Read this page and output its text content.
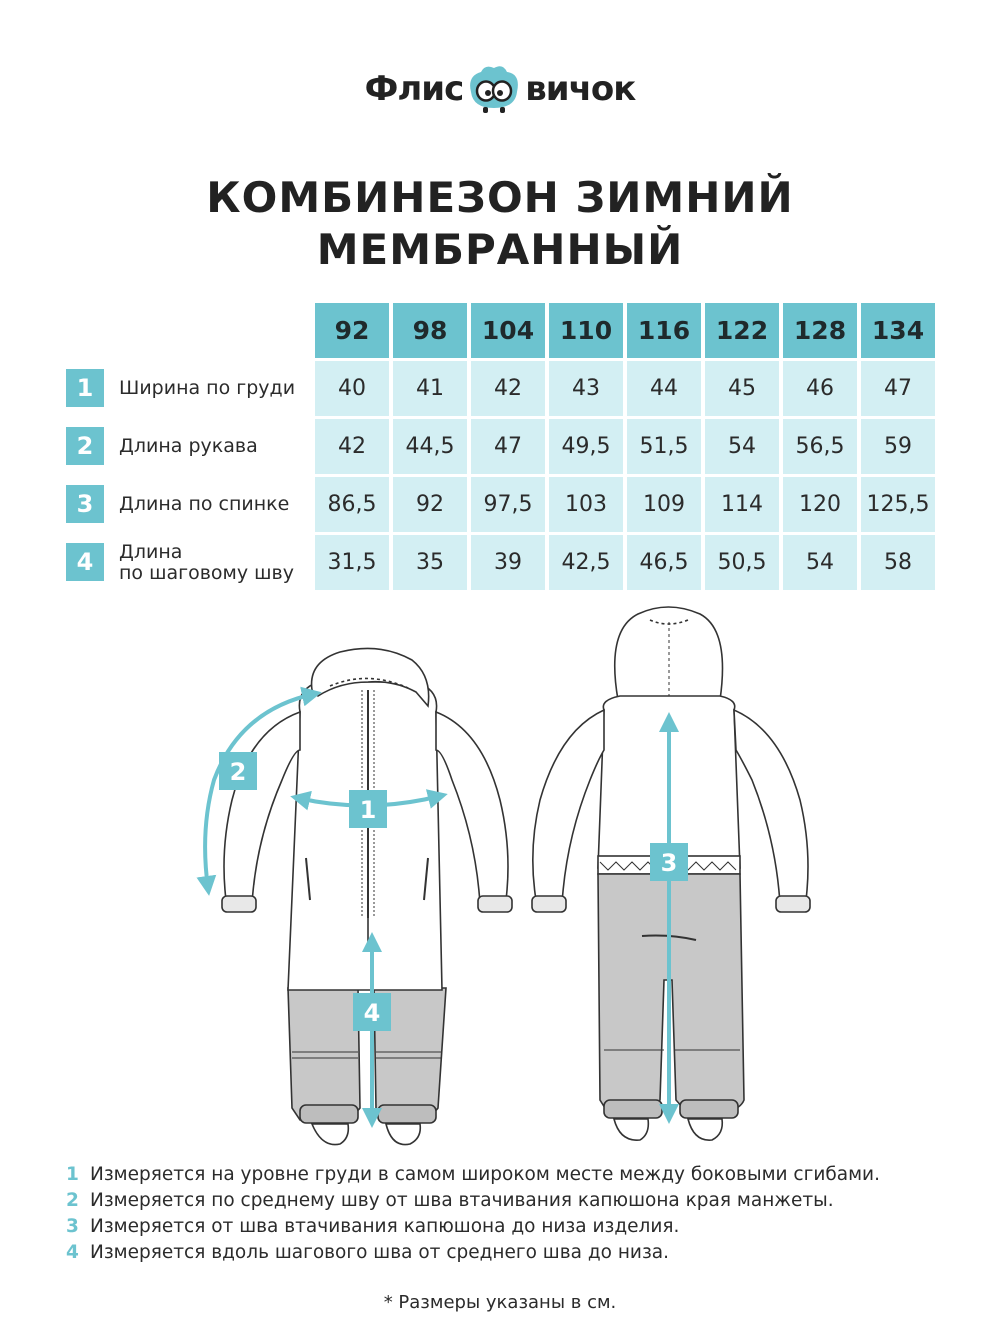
Флис вичок
КОМБИНЕЗОН ЗИМНИЙ
МЕМБРАННЫЙ
92	98	104	110	116	122	128	134
1	Ширина по груди	40	41	42	43	44	45	46	47
2	Длина рукава	42	44,5	47	49,5	51,5	54	56,5	59
3	Длина по спинке	86,5	92	97,5	103	109	114	120	125,5
4	Длина
по шаговому шву	31,5	35	39	42,5	46,5	50,5	54	58
2
1
3
4
1 Измеряется на уровне груди в самом широком месте между боковыми сгибами.
2 Измеряется по среднему шву от шва втачивания капюшона края манжеты.
3 Измеряется от шва втачивания капюшона до низа изделия.
4 Измеряется вдоль шагового шва от среднего шва до низа.
* Размеры указаны в см.
